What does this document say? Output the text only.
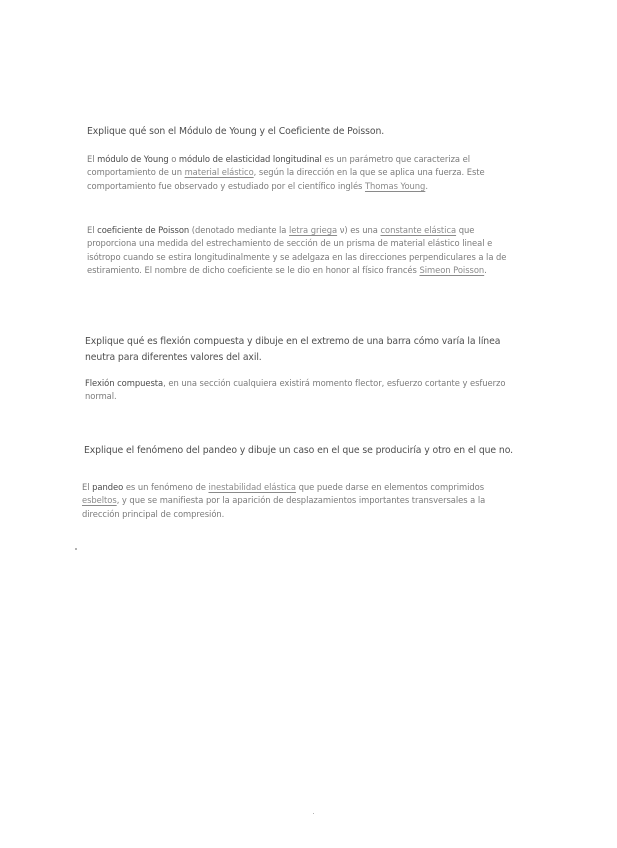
Explique qué son el Módulo de Young y el Coeficiente de Poisson.
El módulo de Young o módulo de elasticidad longitudinal es un parámetro que caracteriza el comportamiento de un material elástico, según la dirección en la que se aplica una fuerza. Este comportamiento fue observado y estudiado por el científico inglés Thomas Young.
El coeficiente de Poisson (denotado mediante la letra griega ν) es una constante elástica que proporciona una medida del estrechamiento de sección de un prisma de material elástico lineal e isótropo cuando se estira longitudinalmente y se adelgaza en las direcciones perpendiculares a la de estiramiento. El nombre de dicho coeficiente se le dio en honor al físico francés Simeon Poisson.
Explique qué es flexión compuesta y dibuje en el extremo de una barra cómo varía la línea neutra para diferentes valores del axil.
Flexión compuesta, en una sección cualquiera existirá momento flector, esfuerzo cortante y esfuerzo normal.
Explique el fenómeno del pandeo y dibuje un caso en el que se produciría y otro en el que no.
El pandeo es un fenómeno de inestabilidad elástica que puede darse en elementos comprimidos esbeltos, y que se manifiesta por la aparición de desplazamientos importantes transversales a la dirección principal de compresión.
